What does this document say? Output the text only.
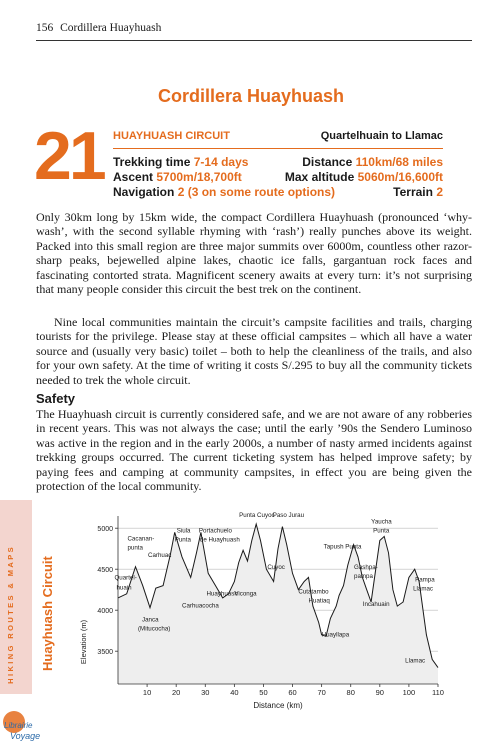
156 Cordillera Huayhuash
Cordillera Huayhuash
21 HUAYHUASH CIRCUIT	Quartelhuain to Llamac
Trekking time 7-14 days	Distance 110km/68 miles
Ascent 5700m/18,700ft	Max altitude 5060m/16,600ft
Navigation 2 (3 on some route options)	Terrain 2
Only 30km long by 15km wide, the compact Cordillera Huayhuash (pronounced ‘why-wash’, with the second syllable rhyming with ‘rash’) really punches above its weight. Packed into this small region are three major summits over 6000m, countless other razor-sharp peaks, bejewelled alpine lakes, chaotic ice falls, gargantuan rock faces and fascinating contorted strata. Magnificent scenery awaits at every turn: it’s not surprising that many people consider this circuit the best trek on the continent.
Nine local communities maintain the circuit’s campsite facilities and trails, charging tourists for the privilege. Please stay at these official campsites – which all have a water source and (usually very basic) toilet – both to help the cleanliness of the trails, and also for your own safety. At the time of writing it costs S/.295 to buy all the community tickets needed to trek the whole circuit.
Safety
The Huayhuash circuit is currently considered safe, and we are not aware of any robberies in recent years. This was not always the case; until the early ’90s the Sendero Luminoso was active in the region and in the early 2000s, a number of nasty armed incidents against trekking groups occurred. The current ticketing system has helped improve safety; by paying fees and camping at community campsites, in effect you are being given the protection of the local community.
HIKING ROUTES & MAPS Huayhuash Circuit	3500
4000
4500
5000
10	20	30	40	50	60	70	80	90 100 110
Distance (km)
Elevation (m)
Quartel-
huain
Cacanan-
punta
Carhuac
Janca
(Mitucocha)
Carhuacocha
Siula
Punta
Portachuelo
de Huayhuash
Huayhuash
Viconga
Punta Cuyoc
Paso Jurau
Cuyoc
Cutatambo
Huatiaq
Huayllapa
Tapush Punta
Gashpa-
pampa
Incahuain
Yaucha
Punta
Pampa
Llamac
Llamac
Librairie
Voyage
